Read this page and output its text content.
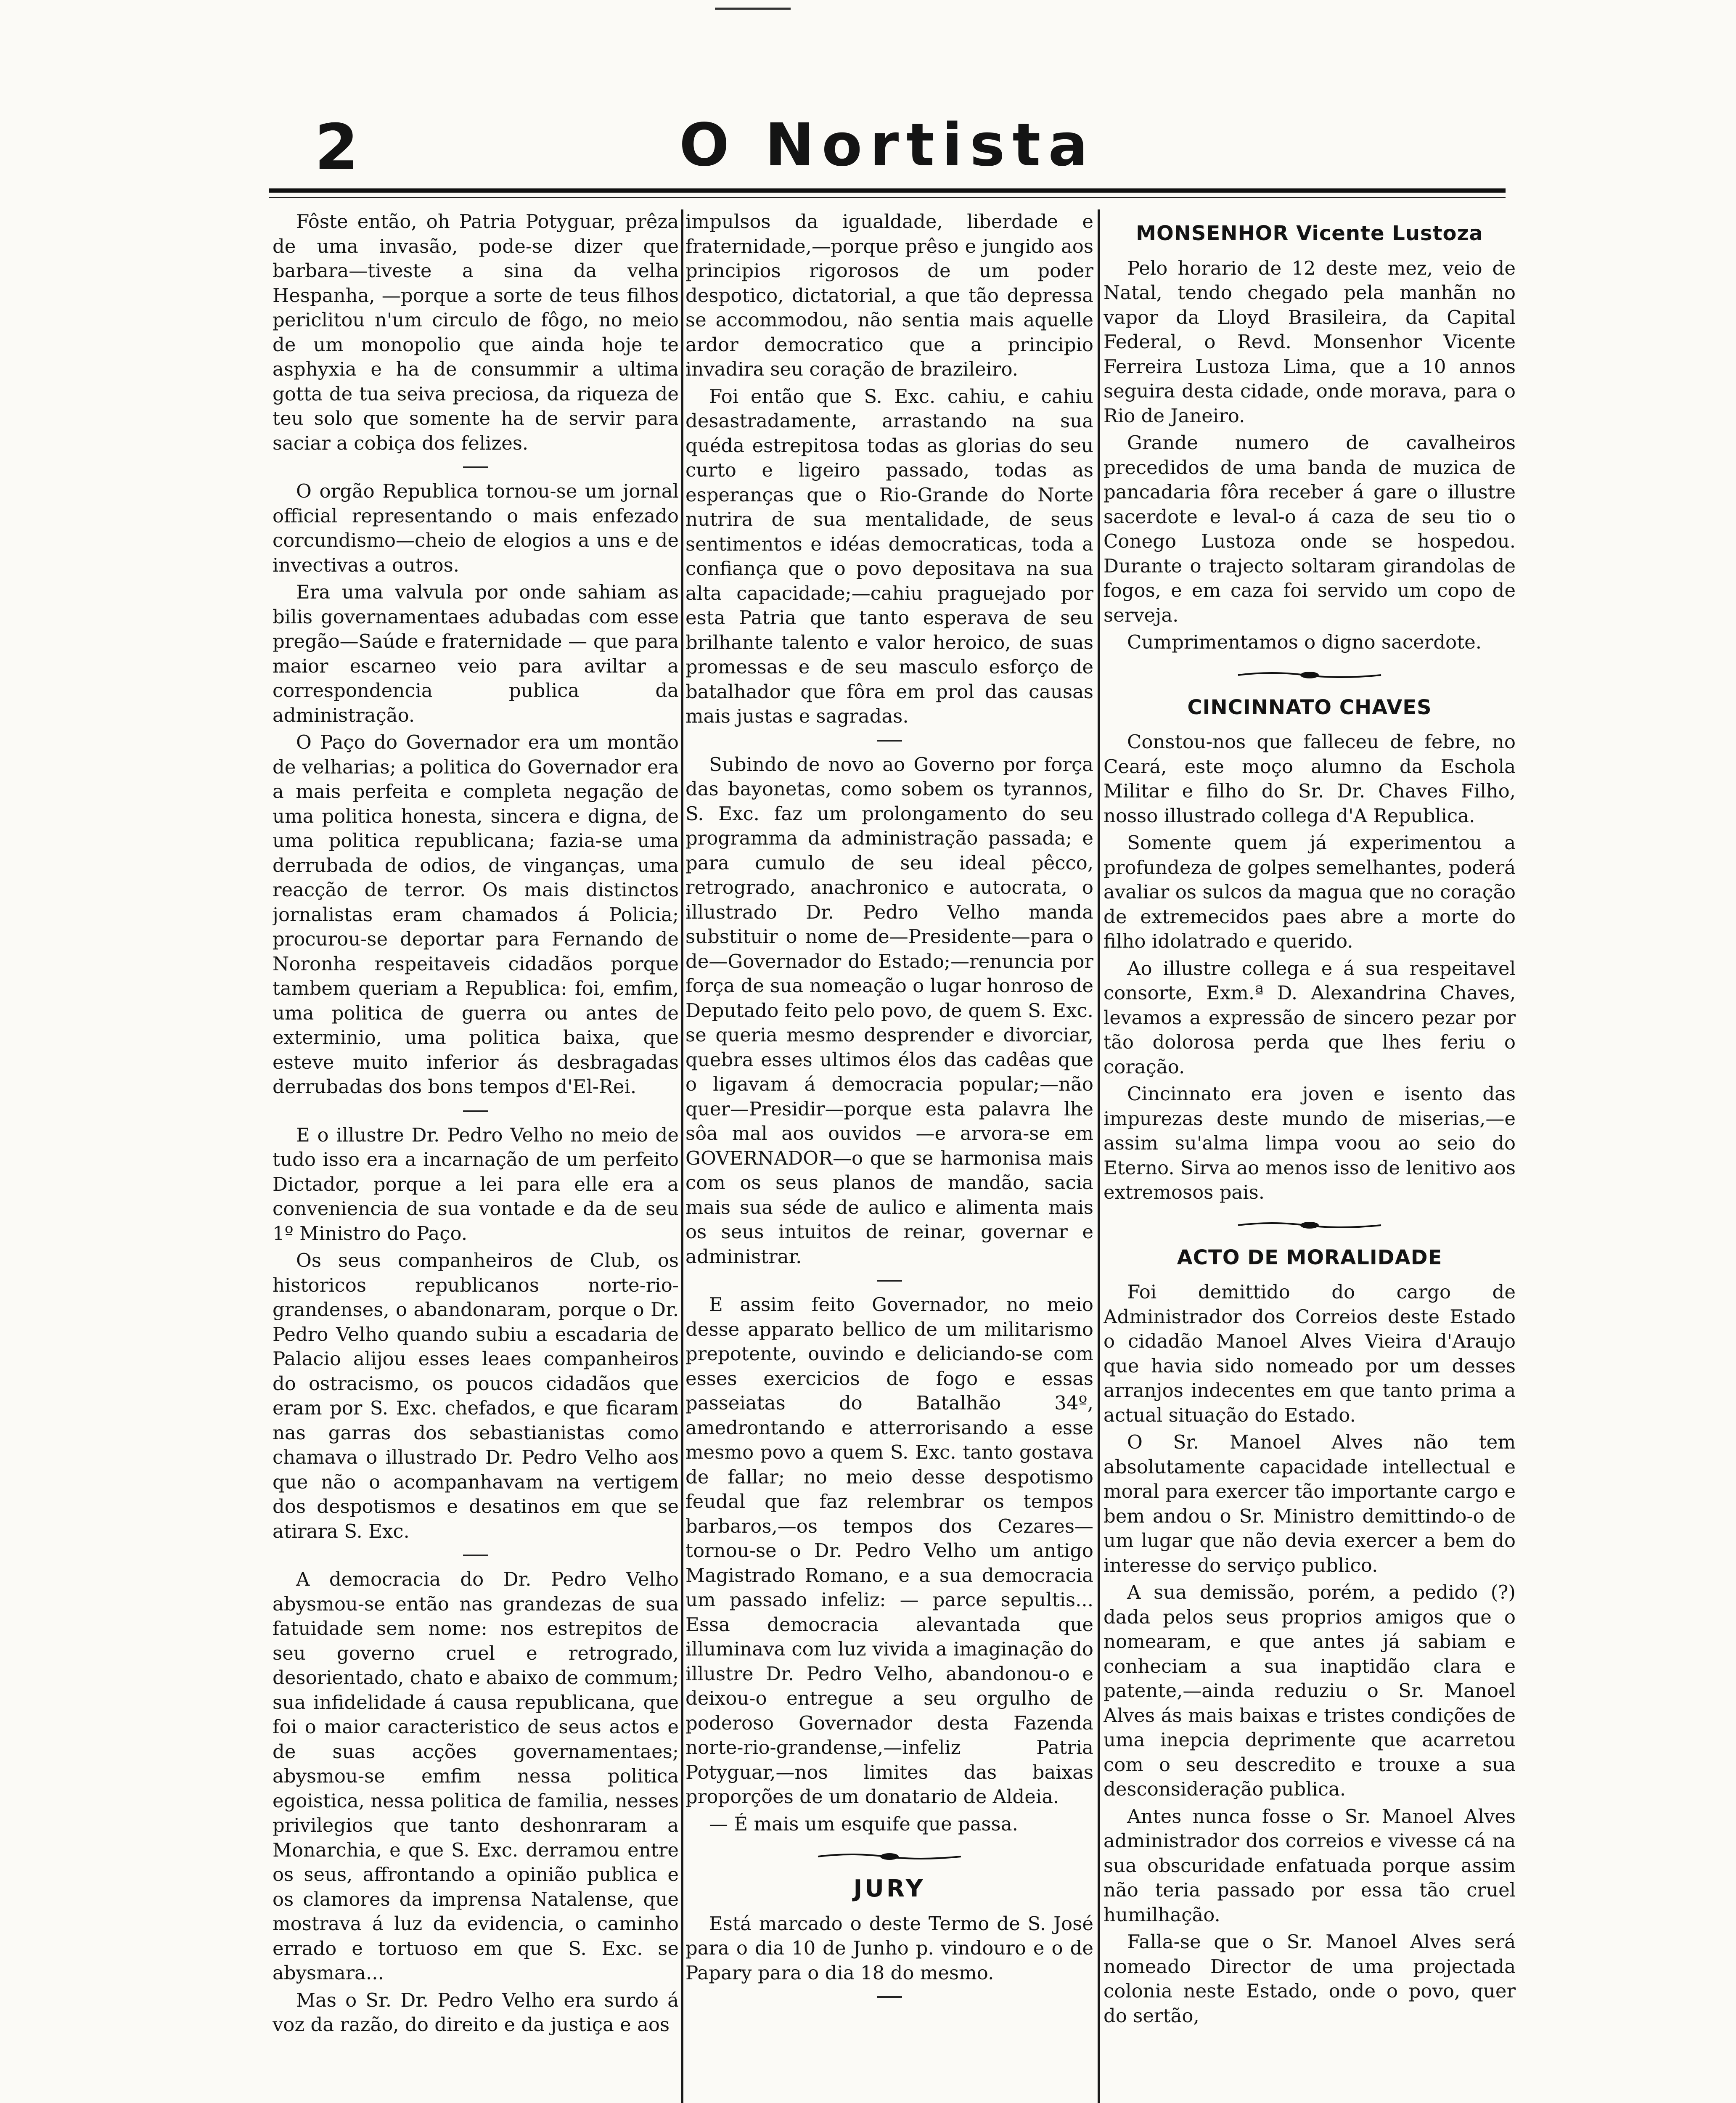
2	O Nortista

Fôste então, oh Patria Potyguar, prêza de uma invasão, pode-se dizer que barbara—tiveste a sina da velha Hespanha, —porque a sorte de teus filhos periclitou n'um circulo de fôgo, no meio de um monopolio que ainda hoje te asphyxia e ha de consummir a ultima gotta de tua seiva preciosa, da riqueza de teu solo que somente ha de servir para saciar a cobiça dos felizes.

O orgão Republica tornou-se um jornal official representando o mais enfezado corcundismo—cheio de elogios a uns e de invectivas a outros.

Era uma valvula por onde sahiam as bilis governamentaes adubadas com esse pregão—Saúde e fraternidade — que para maior escarneo veio para aviltar a correspondencia publica da administração.

O Paço do Governador era um montão de velharias; a politica do Governador era a mais perfeita e completa negação de uma politica honesta, sincera e digna, de uma politica republicana; fazia-se uma derrubada de odios, de vinganças, uma reacção de terror. Os mais distinctos jornalistas eram chamados á Policia; procurou-se deportar para Fernando de Noronha respeitaveis cidadãos porque tambem queriam a Republica: foi, emfim, uma politica de guerra ou antes de exterminio, uma politica baixa, que esteve muito inferior ás desbragadas derrubadas dos bons tempos d'El-Rei.

E o illustre Dr. Pedro Velho no meio de tudo isso era a incarnação de um perfeito Dictador, porque a lei para elle era a conveniencia de sua vontade e da de seu 1º Ministro do Paço.

Os seus companheiros de Club, os historicos republicanos norte-rio-grandenses, o abandonaram, porque o Dr. Pedro Velho quando subiu a escadaria de Palacio alijou esses leaes companheiros do ostracismo, os poucos cidadãos que eram por S. Exc. chefados, e que ficaram nas garras dos sebastianistas como chamava o illustrado Dr. Pedro Velho aos que não o acompanhavam na vertigem dos despotismos e desatinos em que se atirara S. Exc.

A democracia do Dr. Pedro Velho abysmou-se então nas grandezas de sua fatuidade sem nome: nos estrepitos de seu governo cruel e retrogrado, desorientado, chato e abaixo de commum; sua infidelidade á causa republicana, que foi o maior caracteristico de seus actos e de suas acções governamentaes; abysmou-se emfim nessa politica egoistica, nessa politica de familia, nesses privilegios que tanto deshonraram a Monarchia, e que S. Exc. derramou entre os seus, affrontando a opinião publica e os clamores da imprensa Natalense, que mostrava á luz da evidencia, o caminho errado e tortuoso em que S. Exc. se abysmara...

Mas o Sr. Dr. Pedro Velho era surdo á voz da razão, do direito e da justiça e aos

impulsos da igualdade, liberdade e fraternidade,—porque prêso e jungido aos principios rigorosos de um poder despotico, dictatorial, a que tão depressa se accommodou, não sentia mais aquelle ardor democratico que a principio invadira seu coração de brazileiro.

Foi então que S. Exc. cahiu, e cahiu desastradamente, arrastando na sua quéda estrepitosa todas as glorias do seu curto e ligeiro passado, todas as esperanças que o Rio-Grande do Norte nutrira de sua mentalidade, de seus sentimentos e idéas democraticas, toda a confiança que o povo depositava na sua alta capacidade;—cahiu praguejado por esta Patria que tanto esperava de seu brilhante talento e valor heroico, de suas promessas e de seu masculo esforço de batalhador que fôra em prol das causas mais justas e sagradas.

Subindo de novo ao Governo por força das bayonetas, como sobem os tyrannos, S. Exc. faz um prolongamento do seu programma da administração passada; e para cumulo de seu ideal pêcco, retrogrado, anachronico e autocrata, o illustrado Dr. Pedro Velho manda substituir o nome de—Presidente—para o de—Governador do Estado;—renuncia por força de sua nomeação o lugar honroso de Deputado feito pelo povo, de quem S. Exc. se queria mesmo desprender e divorciar, quebra esses ultimos élos das cadêas que o ligavam á democracia popular;—não quer—Presidir—porque esta palavra lhe sôa mal aos ouvidos —e arvora-se em GOVERNADOR—o que se harmonisa mais com os seus planos de mandão, sacia mais sua séde de aulico e alimenta mais os seus intuitos de reinar, governar e administrar.

E assim feito Governador, no meio desse apparato bellico de um militarismo prepotente, ouvindo e deliciando-se com esses exercicios de fogo e essas passeiatas do Batalhão 34º, amedrontando e atterrorisando a esse mesmo povo a quem S. Exc. tanto gostava de fallar; no meio desse despotismo feudal que faz relembrar os tempos barbaros,—os tempos dos Cezares—tornou-se o Dr. Pedro Velho um antigo Magistrado Romano, e a sua democracia um passado infeliz: — parce sepultis... Essa democracia alevantada que illuminava com luz vivida a imaginação do illustre Dr. Pedro Velho, abandonou-o e deixou-o entregue a seu orgulho de poderoso Governador desta Fazenda norte-rio-grandense,—infeliz Patria Potyguar,—nos limites das baixas proporções de um donatario de Aldeia.

— É mais um esquife que passa.

JURY

Está marcado o deste Termo de S. José para o dia 10 de Junho p. vindouro e o de Papary para o dia 18 do mesmo.

MONSENHOR Vicente Lustoza

Pelo horario de 12 deste mez, veio de Natal, tendo chegado pela manhãn no vapor da Lloyd Brasileira, da Capital Federal, o Revd. Monsenhor Vicente Ferreira Lustoza Lima, que a 10 annos seguira desta cidade, onde morava, para o Rio de Janeiro.

Grande numero de cavalheiros precedidos de uma banda de muzica de pancadaria fôra receber á gare o illustre sacerdote e leval-o á caza de seu tio o Conego Lustoza onde se hospedou. Durante o trajecto soltaram girandolas de fogos, e em caza foi servido um copo de serveja.

Cumprimentamos o digno sacerdote.

CINCINNATO CHAVES

Constou-nos que falleceu de febre, no Ceará, este moço alumno da Eschola Militar e filho do Sr. Dr. Chaves Filho, nosso illustrado collega d'A Republica.

Somente quem já experimentou a profundeza de golpes semelhantes, poderá avaliar os sulcos da magua que no coração de extremecidos paes abre a morte do filho idolatrado e querido.

Ao illustre collega e á sua respeitavel consorte, Exm.ª D. Alexandrina Chaves, levamos a expressão de sincero pezar por tão dolorosa perda que lhes feriu o coração.

Cincinnato era joven e isento das impurezas deste mundo de miserias,—e assim su'alma limpa voou ao seio do Eterno. Sirva ao menos isso de lenitivo aos extremosos pais.

ACTO DE MORALIDADE

Foi demittido do cargo de Administrador dos Correios deste Estado o cidadão Manoel Alves Vieira d'Araujo que havia sido nomeado por um desses arranjos indecentes em que tanto prima a actual situação do Estado.

O Sr. Manoel Alves não tem absolutamente capacidade intellectual e moral para exercer tão importante cargo e bem andou o Sr. Ministro demittindo-o de um lugar que não devia exercer a bem do interesse do serviço publico.

A sua demissão, porém, a pedido (?) dada pelos seus proprios amigos que o nomearam, e que antes já sabiam e conheciam a sua inaptidão clara e patente,—ainda reduziu o Sr. Manoel Alves ás mais baixas e tristes condições de uma inepcia deprimente que acarretou com o seu descredito e trouxe a sua desconsideração publica.

Antes nunca fosse o Sr. Manoel Alves administrador dos correios e vivesse cá na sua obscuridade enfatuada porque assim não teria passado por essa tão cruel humilhação.

Falla-se que o Sr. Manoel Alves será nomeado Director de uma projectada colonia neste Estado, onde o povo, quer do sertão,
